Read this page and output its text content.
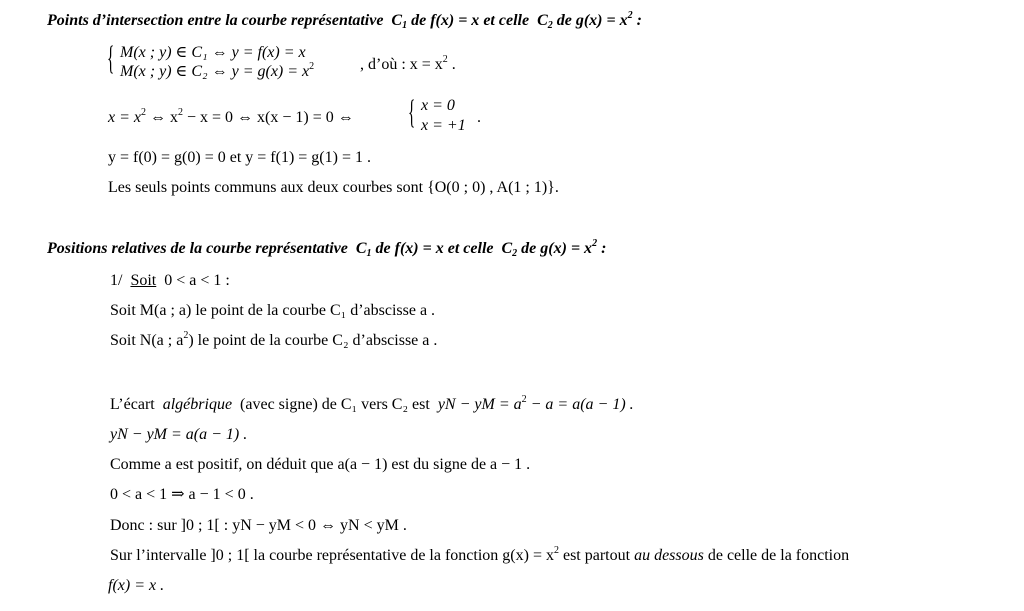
Points d’intersection entre la courbe représentative $C_1$ de f(x) = x et celle $C_2$ de $g(x) = x^2$ :
{ M(x ; y) ∈ C₁ ⇔ y = f(x) = x
M(x ; y) ∈ C₂ ⇔ $y = g(x) = x^2$	, d’où : $x = x^2$ .
$x = x^2$ ⇔ $x^2 - x = 0$ ⇔ x(x − 1) = 0 ⇔ { x = 0
x = +1 .
y = f(0) = g(0) = 0 et y = f(1) = g(1) = 1 .
Les seuls points communs aux deux courbes sont {O(0 ; 0) , A(1 ; 1)}.
Positions relatives de la courbe représentative $C_1$ de f(x) = x et celle $C_2$ de $g(x) = x^2$ :
1/ Soit 0 < a < 1 :
Soit M(a ; a) le point de la courbe C₁ d’abscisse a .
Soit N(a ; $a^2$) le point de la courbe C₂ d’abscisse a .
L’écart algébrique (avec signe) de C₁ vers C₂ est yN − yM = $a^2 - a = a(a - 1)$ .
yN − yM = a(a − 1) .
Comme a est positif, on déduit que a(a − 1) est du signe de a − 1 .
0 < a < 1 ⇒ a − 1 < 0 .
Donc : sur ]0 ; 1[ : yN − yM < 0 ⇔ yN < yM .
Sur l’intervalle ]0 ; 1[ la courbe représentative de la fonction $g(x) = x^2$ est partout au dessous de celle de la fonction
f(x) = x .
